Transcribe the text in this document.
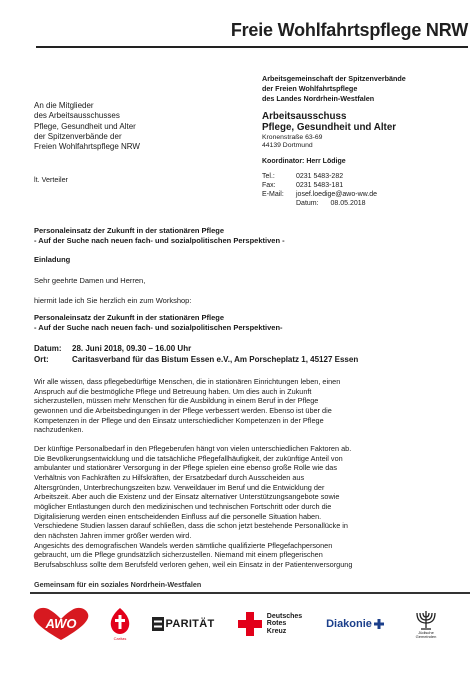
Freie Wohlfahrtspflege NRW
Arbeitsgemeinschaft der Spitzenverbände
der Freien Wohlfahrtspflege
des Landes Nordrhein-Westfalen
An die Mitglieder
des Arbeitsausschusses
Pflege, Gesundheit und Alter
der Spitzenverbände der
Freien Wohlfahrtspflege NRW
Arbeitsausschuss
Pflege, Gesundheit und Alter
Kronenstraße 63-69
44139 Dortmund
Koordinator: Herr Lödige
Tel.:	0231 5483-282
Fax:	0231 5483-181
E-Mail:	josef.loedige@awo-ww.de
lt. Verteiler
Datum: 08.05.2018
Personaleinsatz der Zukunft in der stationären Pflege
- Auf der Suche nach neuen fach- und sozialpolitischen Perspektiven -
Einladung
Sehr geehrte Damen und Herren,
hiermit lade ich Sie herzlich ein zum Workshop:
Personaleinsatz der Zukunft in der stationären Pflege
- Auf der Suche nach neuen fach- und sozialpolitischen Perspektiven-
Datum:	28. Juni 2018, 09.30 – 16.00 Uhr
Ort:	Caritasverband für das Bistum Essen e.V., Am Porscheplatz 1, 45127 Essen
Wir alle wissen, dass pflegebedürftige Menschen, die in stationären Einrichtungen leben, einen
Anspruch auf die bestmögliche Pflege und Betreuung haben. Um dies auch in Zukunft
sicherzustellen, müssen mehr Menschen für die Ausbildung in einem Beruf in der Pflege
gewonnen und die Arbeitsbedingungen in der Pflege verbessert werden. Ebenso ist über die
Kompetenzen in der Pflege und den Einsatz unterschiedlicher Kompetenzen in der Pflege
nachzudenken.
Der künftige Personalbedarf in den Pflegeberufen hängt von vielen unterschiedlichen Faktoren ab.
Die Bevölkerungsentwicklung und die tatsächliche Pflegefallhäufigkeit, der zukünftige Anteil von
ambulanter und stationärer Versorgung in der Pflege spielen eine ebenso große Rolle wie das
Verhältnis von Fachkräften zu Hilfskräften, der Ersatzbedarf durch Ausscheiden aus
Altersgründen, Unterbrechungszeiten bzw. Verweildauer im Beruf und die Entwicklung der
Arbeitszeit. Aber auch die Existenz und der Einsatz alternativer Unterstützungsangebote sowie
möglicher Entlastungen durch den medizinischen und technischen Fortschritt oder durch die
Digitalisierung werden einen entscheidenden Einfluss auf die personelle Situation haben.
Verschiedene Studien lassen darauf schließen, dass die schon jetzt bestehende Personallücke in
den nächsten Jahren immer größer werden wird.
Angesichts des demografischen Wandels werden sämtliche qualifizierte Pflegefachpersonen
gebraucht, um die Pflege grundsätzlich sicherzustellen. Niemand mit einem pflegerischen
Berufsabschluss sollte dem Berufsfeld verloren gehen, weil ein Einsatz in der Patientenversorgung
Gemeinsam für ein soziales Nordrhein-Westfalen
AWO
Caritas
PARITÄT
Deutsches
Rotes
Kreuz
Diakonie
Jüdische
Gemeinden
